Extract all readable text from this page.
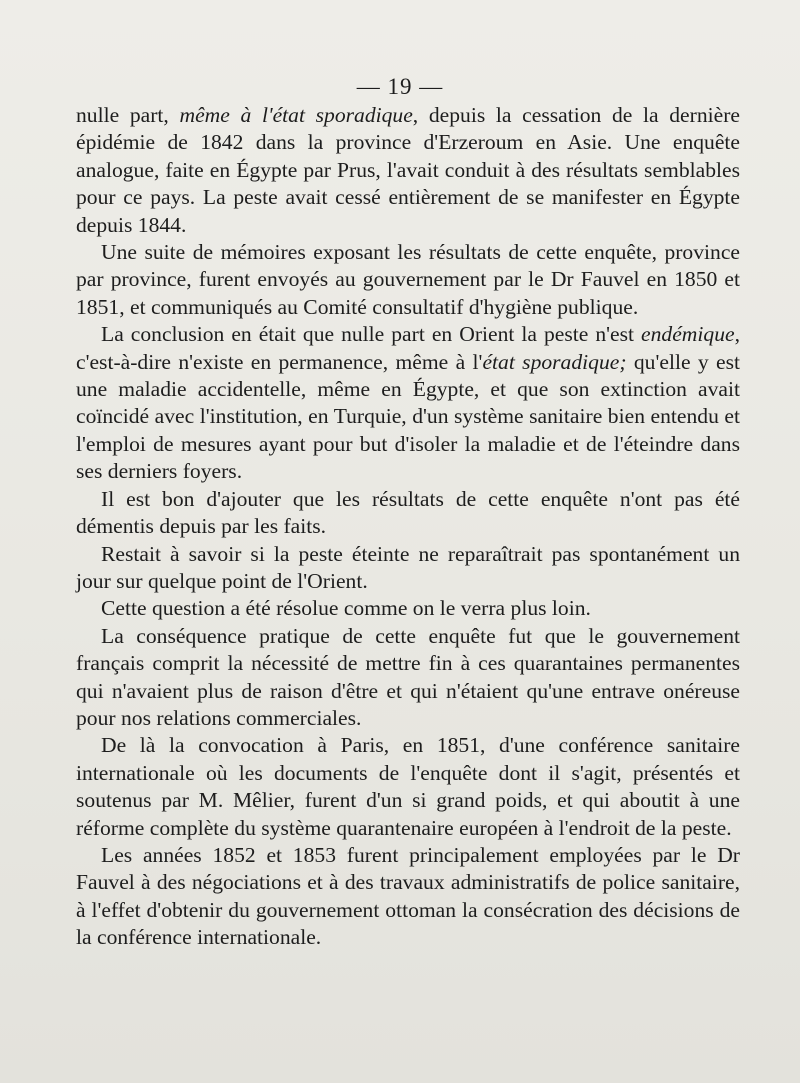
— 19 —

nulle part, même à l'état sporadique, depuis la cessation de la dernière épidémie de 1842 dans la province d'Erzeroum en Asie. Une enquête analogue, faite en Égypte par Prus, l'avait conduit à des résultats semblables pour ce pays. La peste avait cessé entièrement de se manifester en Égypte depuis 1844.

Une suite de mémoires exposant les résultats de cette enquête, province par province, furent envoyés au gouvernement par le Dr Fauvel en 1850 et 1851, et communiqués au Comité consultatif d'hygiène publique.

La conclusion en était que nulle part en Orient la peste n'est endémique, c'est-à-dire n'existe en permanence, même à l'état sporadique; qu'elle y est une maladie accidentelle, même en Égypte, et que son extinction avait coïncidé avec l'institution, en Turquie, d'un système sanitaire bien entendu et l'emploi de mesures ayant pour but d'isoler la maladie et de l'éteindre dans ses derniers foyers.

Il est bon d'ajouter que les résultats de cette enquête n'ont pas été démentis depuis par les faits.

Restait à savoir si la peste éteinte ne reparaîtrait pas spontanément un jour sur quelque point de l'Orient.

Cette question a été résolue comme on le verra plus loin.

La conséquence pratique de cette enquête fut que le gouvernement français comprit la nécessité de mettre fin à ces quarantaines permanentes qui n'avaient plus de raison d'être et qui n'étaient qu'une entrave onéreuse pour nos relations commerciales.

De là la convocation à Paris, en 1851, d'une conférence sanitaire internationale où les documents de l'enquête dont il s'agit, présentés et soutenus par M. Mêlier, furent d'un si grand poids, et qui aboutit à une réforme complète du système quarantenaire européen à l'endroit de la peste.

Les années 1852 et 1853 furent principalement employées par le Dr Fauvel à des négociations et à des travaux administratifs de police sanitaire, à l'effet d'obtenir du gouvernement ottoman la consécration des décisions de la conférence internationale.
